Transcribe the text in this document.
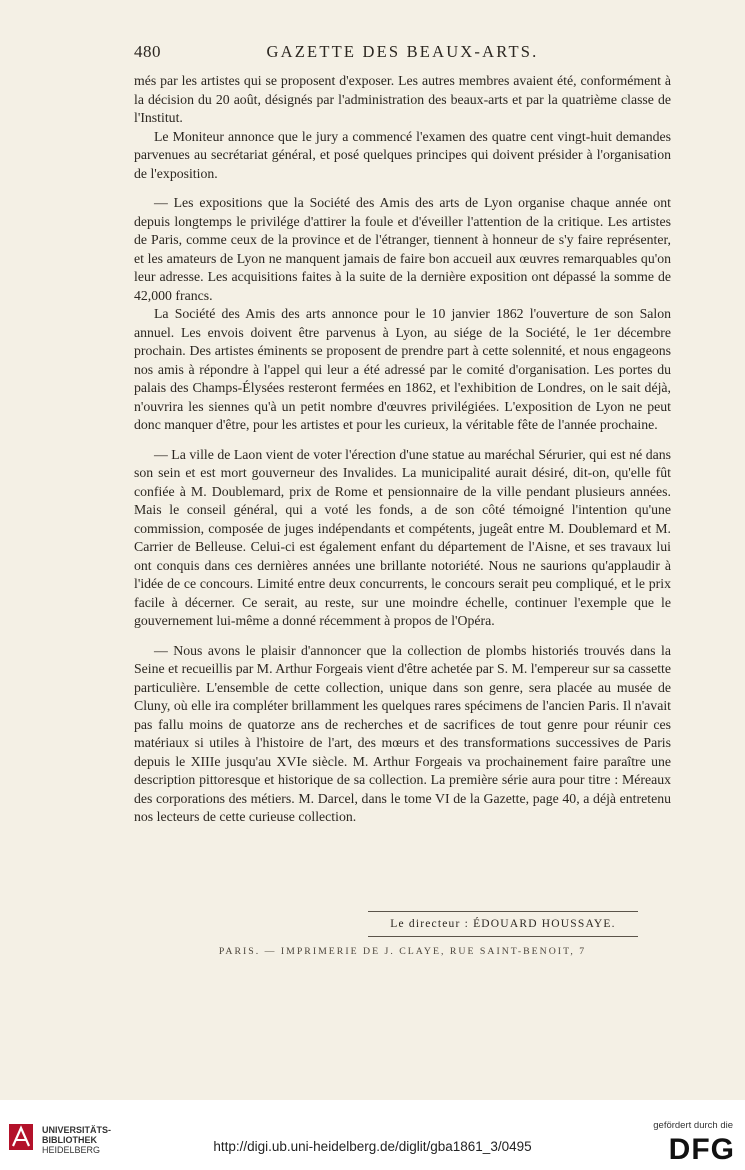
480	GAZETTE DES BEAUX-ARTS.

més par les artistes qui se proposent d'exposer. Les autres membres avaient été, conformément à la décision du 20 août, désignés par l'administration des beaux-arts et par la quatrième classe de l'Institut.

Le Moniteur annonce que le jury a commencé l'examen des quatre cent vingt-huit demandes parvenues au secrétariat général, et posé quelques principes qui doivent présider à l'organisation de l'exposition.

— Les expositions que la Société des Amis des arts de Lyon organise chaque année ont depuis longtemps le privilége d'attirer la foule et d'éveiller l'attention de la critique. Les artistes de Paris, comme ceux de la province et de l'étranger, tiennent à honneur de s'y faire représenter, et les amateurs de Lyon ne manquent jamais de faire bon accueil aux œuvres remarquables qu'on leur adresse. Les acquisitions faites à la suite de la dernière exposition ont dépassé la somme de 42,000 francs.

La Société des Amis des arts annonce pour le 10 janvier 1862 l'ouverture de son Salon annuel. Les envois doivent être parvenus à Lyon, au siége de la Société, le 1er décembre prochain. Des artistes éminents se proposent de prendre part à cette solennité, et nous engageons nos amis à répondre à l'appel qui leur a été adressé par le comité d'organisation. Les portes du palais des Champs-Élysées resteront fermées en 1862, et l'exhibition de Londres, on le sait déjà, n'ouvrira les siennes qu'à un petit nombre d'œuvres privilégiées. L'exposition de Lyon ne peut donc manquer d'être, pour les artistes et pour les curieux, la véritable fête de l'année prochaine.

— La ville de Laon vient de voter l'érection d'une statue au maréchal Sérurier, qui est né dans son sein et est mort gouverneur des Invalides. La municipalité aurait désiré, dit-on, qu'elle fût confiée à M. Doublemard, prix de Rome et pensionnaire de la ville pendant plusieurs années. Mais le conseil général, qui a voté les fonds, a de son côté témoigné l'intention qu'une commission, composée de juges indépendants et compétents, jugeât entre M. Doublemard et M. Carrier de Belleuse. Celui-ci est également enfant du département de l'Aisne, et ses travaux lui ont conquis dans ces dernières années une brillante notoriété. Nous ne saurions qu'applaudir à l'idée de ce concours. Limité entre deux concurrents, le concours serait peu compliqué, et le prix facile à décerner. Ce serait, au reste, sur une moindre échelle, continuer l'exemple que le gouvernement lui-même a donné récemment à propos de l'Opéra.

— Nous avons le plaisir d'annoncer que la collection de plombs historiés trouvés dans la Seine et recueillis par M. Arthur Forgeais vient d'être achetée par S. M. l'empereur sur sa cassette particulière. L'ensemble de cette collection, unique dans son genre, sera placée au musée de Cluny, où elle ira compléter brillamment les quelques rares spécimens de l'ancien Paris. Il n'avait pas fallu moins de quatorze ans de recherches et de sacrifices de tout genre pour réunir ces matériaux si utiles à l'histoire de l'art, des mœurs et des transformations successives de Paris depuis le XIIIe jusqu'au XVIe siècle. M. Arthur Forgeais va prochainement faire paraître une description pittoresque et historique de sa collection. La première série aura pour titre : Méreaux des corporations des métiers. M. Darcel, dans le tome VI de la Gazette, page 40, a déjà entretenu nos lecteurs de cette curieuse collection.

Le directeur : ÉDOUARD HOUSSAYE.
PARIS. — IMPRIMERIE DE J. CLAYE, RUE SAINT-BENOIT, 7
UNIVERSITÄTS-
BIBLIOTHEK
HEIDELBERG	http://digi.ub.uni-heidelberg.de/diglit/gba1861_3/0495
gefördert durch die
DFG
